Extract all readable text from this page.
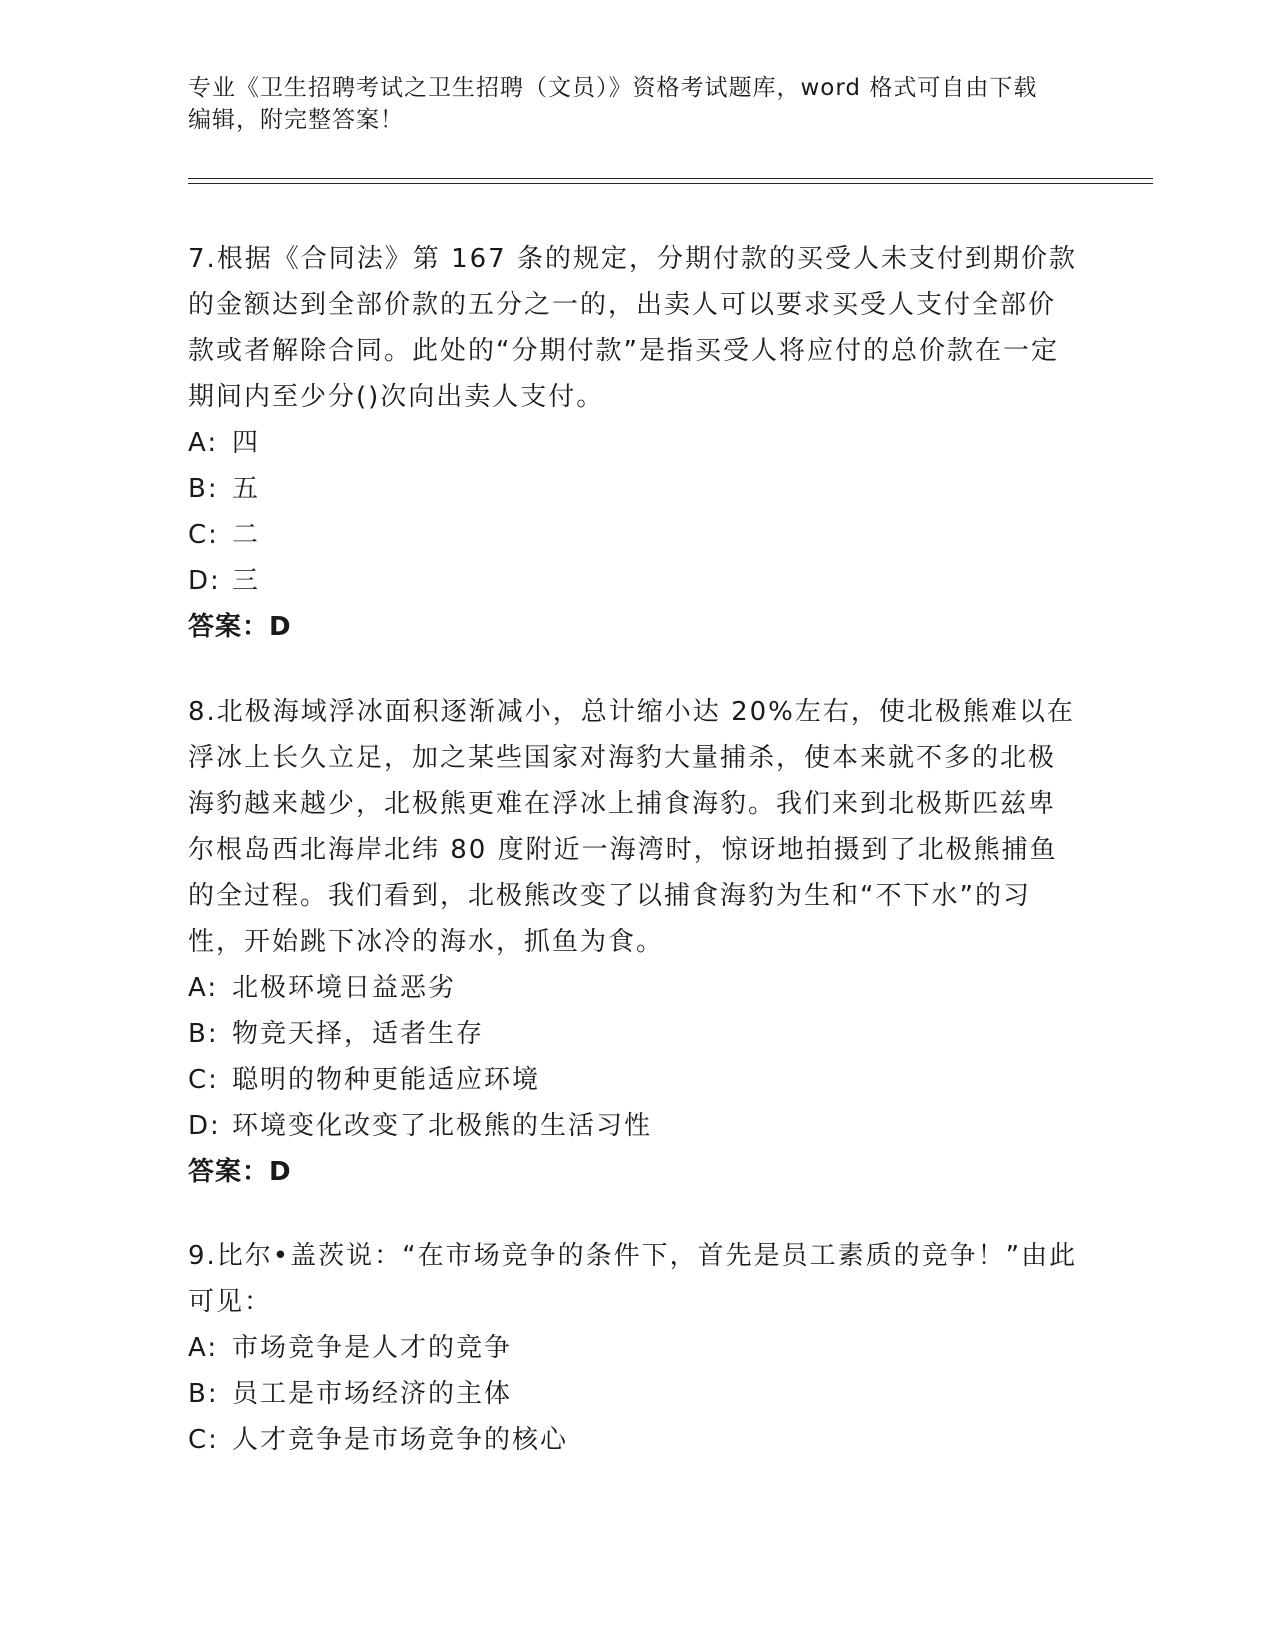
专业《卫生招聘考试之卫生招聘（文员）》资格考试题库，word 格式可自由下载
编辑，附完整答案！

7.根据《合同法》第 167 条的规定，分期付款的买受人未支付到期价款的金额达到全部价款的五分之一的，出卖人可以要求买受人支付全部价款或者解除合同。此处的“分期付款”是指买受人将应付的总价款在一定期间内至少分()次向出卖人支付。

A: 四

B: 五

C: 二

D: 三

答案：D

8.北极海域浮冰面积逐渐减小，总计缩小达 20%左右，使北极熊难以在浮冰上长久立足，加之某些国家对海豹大量捕杀，使本来就不多的北极海豹越来越少，北极熊更难在浮冰上捕食海豹。我们来到北极斯匹兹卑尔根岛西北海岸北纬 80 度附近一海湾时，惊讶地拍摄到了北极熊捕鱼的全过程。我们看到，北极熊改变了以捕食海豹为生和“不下水”的习性，开始跳下冰冷的海水，抓鱼为食。

A: 北极环境日益恶劣

B: 物竞天择，适者生存

C: 聪明的物种更能适应环境

D: 环境变化改变了北极熊的生活习性

答案：D

9.比尔•盖茨说：“在市场竞争的条件下，首先是员工素质的竞争！”由此可见：

A: 市场竞争是人才的竞争

B: 员工是市场经济的主体

C: 人才竞争是市场竞争的核心
